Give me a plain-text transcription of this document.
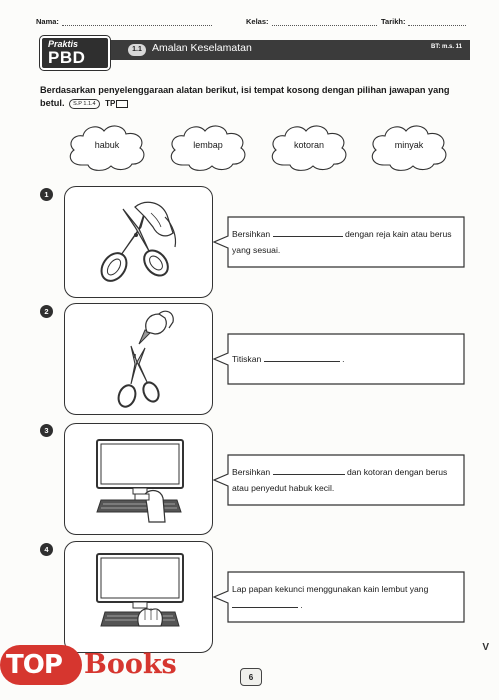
Nama:	Kelas:	Tarikh:
Praktis
PBD	1.1 Amalan Keselamatan	BT: m.s. 11
Berdasarkan penyelenggaraan alatan berikut, isi tempat kosong dengan pilihan jawapan yang betul. S.P 1.1.4 TP
habuk	lembap	kotoran	minyak
1
Bersihkan	dengan reja kain atau berus yang sesuai.
2
Titiskan	.
3
Bersihkan	dan kotoran dengan berus atau penyedut habuk kecil.
4
Lap papan kekunci menggunakan kain lembut yang  .
6
TOP Books
V
